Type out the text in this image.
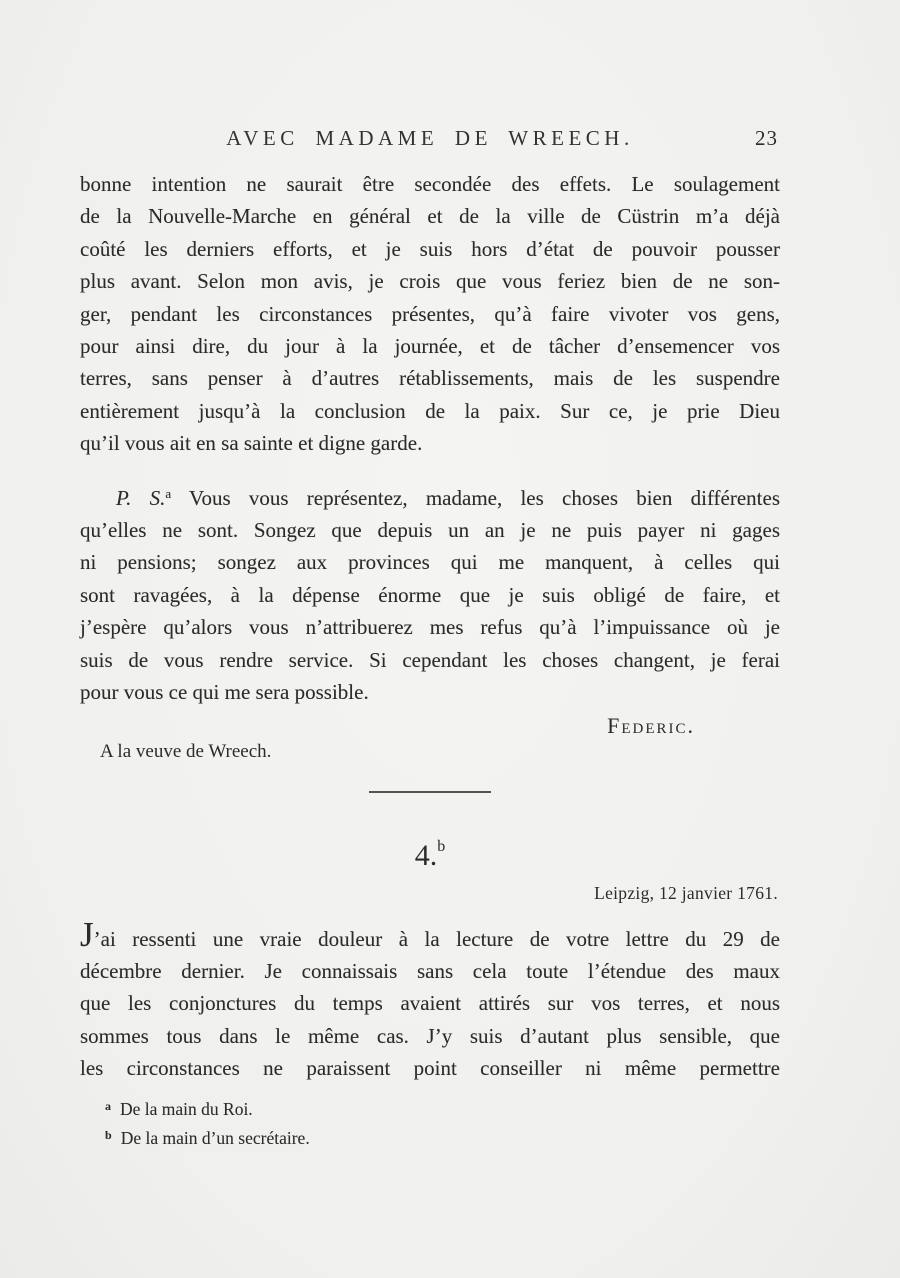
AVEC MADAME DE WREECH.	23
bonne intention ne saurait être secondée des effets. Le soulagement
de la Nouvelle-Marche en général et de la ville de Cüstrin m’a déjà
coûté les derniers efforts, et je suis hors d’état de pouvoir pousser
plus avant. Selon mon avis, je crois que vous feriez bien de ne son-
ger, pendant les circonstances présentes, qu’à faire vivoter vos gens,
pour ainsi dire, du jour à la journée, et de tâcher d’ensemencer vos
terres, sans penser à d’autres rétablissements, mais de les suspendre
entièrement jusqu’à la conclusion de la paix. Sur ce, je prie Dieu
qu’il vous ait en sa sainte et digne garde.
P. S.$^a$ Vous vous représentez, madame, les choses bien différentes
qu’elles ne sont. Songez que depuis un an je ne puis payer ni gages
ni pensions; songez aux provinces qui me manquent, à celles qui
sont ravagées, à la dépense énorme que je suis obligé de faire, et
j’espère qu’alors vous n’attribuerez mes refus qu’à l’impuissance où je
suis de vous rendre service. Si cependant les choses changent, je ferai
pour vous ce qui me sera possible.
Federic.
A la veuve de Wreech.
4.$^b$
Leipzig, 12 janvier 1761.
J’ai ressenti une vraie douleur à la lecture de votre lettre du 29 de
décembre dernier. Je connaissais sans cela toute l’étendue des maux
que les conjonctures du temps avaient attirés sur vos terres, et nous
sommes tous dans le même cas. J’y suis d’autant plus sensible, que
les circonstances ne paraissent point conseiller ni même permettre
$^a$ De la main du Roi.
$^b$ De la main d’un secrétaire.
